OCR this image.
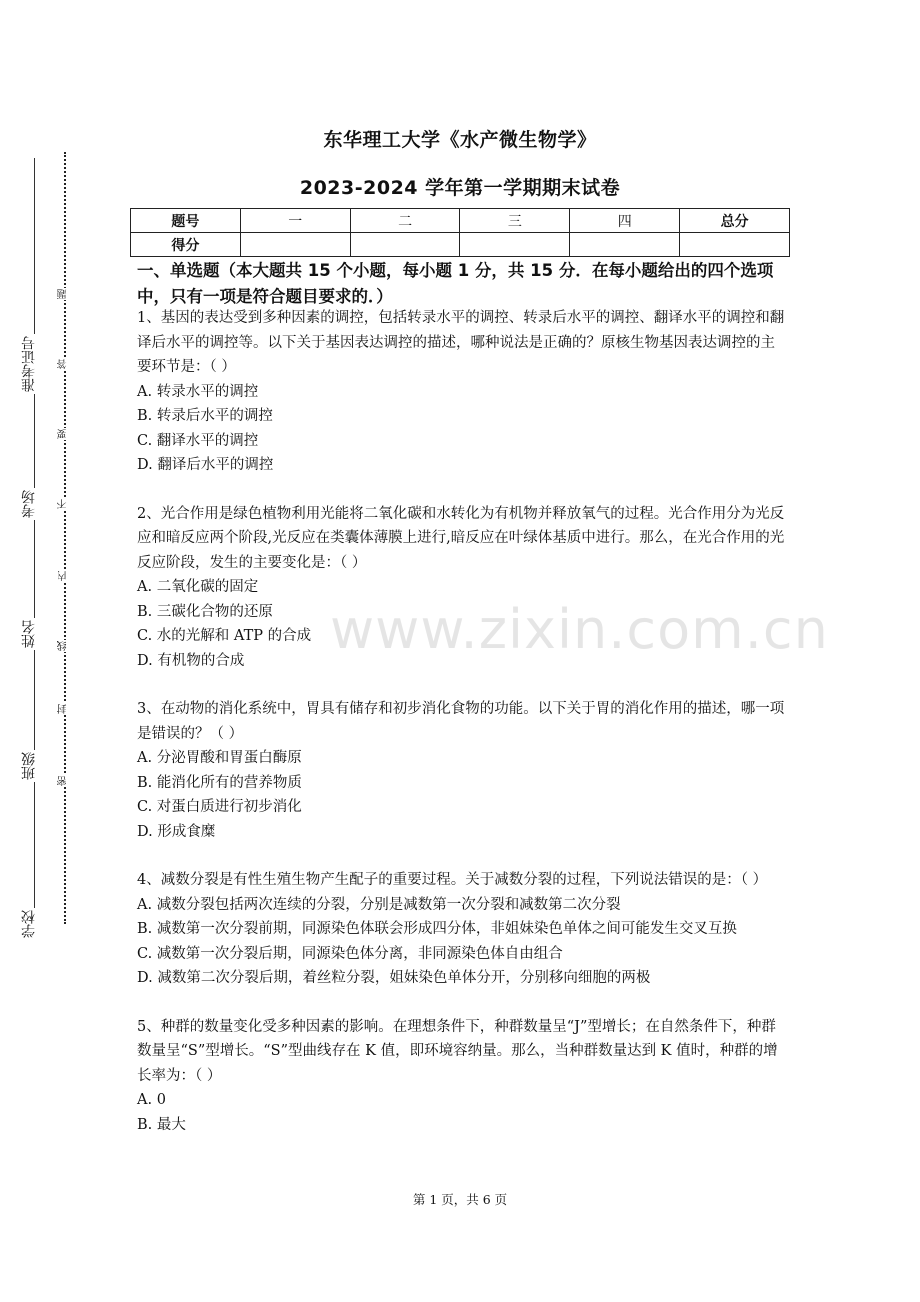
学校
班级
姓名
考场
准考证号
密
封
线
内
不
要
答
题
东华理工大学《水产微生物学》
2023-2024 学年第一学期期末试卷
题号	一	二	三	四	总分
得分					
一、单选题（本大题共 15 个小题，每小题 1 分，共 15 分．在每小题给出的四个选项中，只有一项是符合题目要求的．）

1、基因的表达受到多种因素的调控，包括转录水平的调控、转录后水平的调控、翻译水平的调控和翻译后水平的调控等。以下关于基因表达调控的描述，哪种说法是正确的？原核生物基因表达调控的主要环节是：（ ）

A. 转录水平的调控

B. 转录后水平的调控

C. 翻译水平的调控

D. 翻译后水平的调控

2、光合作用是绿色植物利用光能将二氧化碳和水转化为有机物并释放氧气的过程。光合作用分为光反应和暗反应两个阶段,光反应在类囊体薄膜上进行,暗反应在叶绿体基质中进行。那么，在光合作用的光反应阶段，发生的主要变化是：（ ）

A. 二氧化碳的固定

B. 三碳化合物的还原

C. 水的光解和 ATP 的合成

D. 有机物的合成

3、在动物的消化系统中，胃具有储存和初步消化食物的功能。以下关于胃的消化作用的描述，哪一项是错误的？（ ）

A. 分泌胃酸和胃蛋白酶原

B. 能消化所有的营养物质

C. 对蛋白质进行初步消化

D. 形成食糜

4、减数分裂是有性生殖生物产生配子的重要过程。关于减数分裂的过程，下列说法错误的是：（ ）

A. 减数分裂包括两次连续的分裂，分别是减数第一次分裂和减数第二次分裂

B. 减数第一次分裂前期，同源染色体联会形成四分体，非姐妹染色单体之间可能发生交叉互换

C. 减数第一次分裂后期，同源染色体分离，非同源染色体自由组合

D. 减数第二次分裂后期，着丝粒分裂，姐妹染色单体分开，分别移向细胞的两极

5、种群的数量变化受多种因素的影响。在理想条件下，种群数量呈“J”型增长；在自然条件下，种群数量呈“S”型增长。“S”型曲线存在 K 值，即环境容纳量。那么，当种群数量达到 K 值时，种群的增长率为：（ ）

A. 0

B. 最大

www.zixin.com.cn
第 1 页，共 6 页
